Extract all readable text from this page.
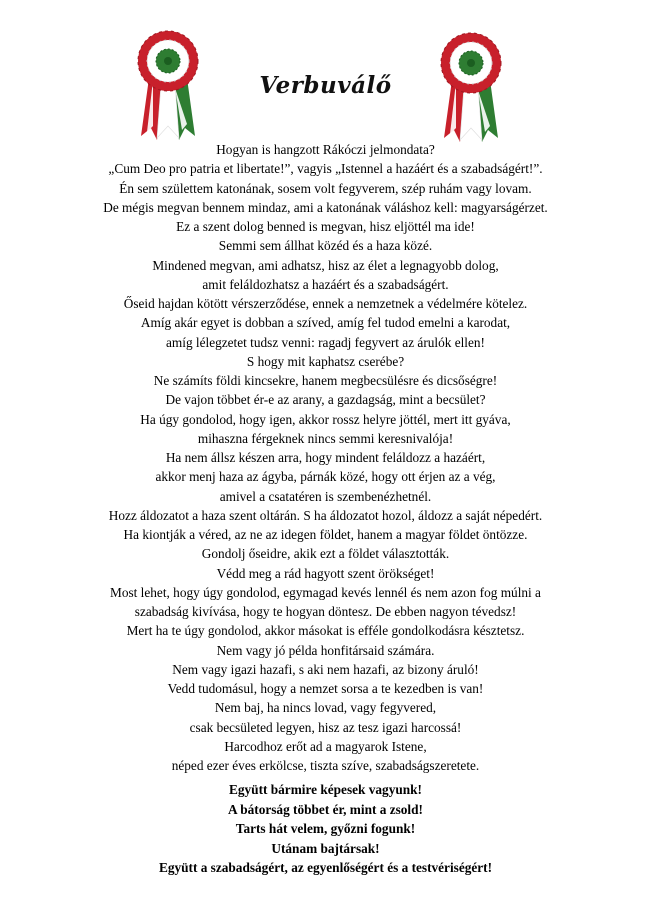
Verbuválő
Hogyan is hangzott Rákóczi jelmondata?
„Cum Deo pro patria et libertate!”, vagyis „Istennel a hazáért és a szabadságért!”.
Én sem születtem katonának, sosem volt fegyverem, szép ruhám vagy lovam.
De mégis megvan bennem mindaz, ami a katonának váláshoz kell: magyarságérzet.
Ez a szent dolog benned is megvan, hisz eljöttél ma ide!
Semmi sem állhat közéd és a haza közé.
Mindened megvan, ami adhatsz, hisz az élet a legnagyobb dolog,
amit feláldozhatsz a hazáért és a szabadságért.
Őseid hajdan kötött vérszerződése, ennek a nemzetnek a védelmére kötelez.
Amíg akár egyet is dobban a szíved, amíg fel tudod emelni a karodat,
amíg lélegzetet tudsz venni: ragadj fegyvert az árulók ellen!
S hogy mit kaphatsz cserébe?
Ne számíts földi kincsekre, hanem megbecsülésre és dicsőségre!
De vajon többet ér-e az arany, a gazdagság, mint a becsület?
Ha úgy gondolod, hogy igen, akkor rossz helyre jöttél, mert itt gyáva,
mihaszna férgeknek nincs semmi keresnivalója!
Ha nem állsz készen arra, hogy mindent feláldozz a hazáért,
akkor menj haza az ágyba, párnák közé, hogy ott érjen az a vég,
amivel a csatatéren is szembenézhetnél.
Hozz áldozatot a haza szent oltárán. S ha áldozatot hozol, áldozz a saját népedért.
Ha kiontják a véred, az ne az idegen földet, hanem a magyar földet öntözze.
Gondolj őseidre, akik ezt a földet választották.
Védd meg a rád hagyott szent örökséget!
Most lehet, hogy úgy gondolod, egymagad kevés lennél és nem azon fog múlni a
szabadság kivívása, hogy te hogyan döntesz. De ebben nagyon tévedsz!
Mert ha te úgy gondolod, akkor másokat is efféle gondolkodásra késztetsz.
Nem vagy jó példa honfitársaid számára.
Nem vagy igazi hazafi, s aki nem hazafi, az bizony áruló!
Vedd tudomásul, hogy a nemzet sorsa a te kezedben is van!
Nem baj, ha nincs lovad, vagy fegyvered,
csak becsületed legyen, hisz az tesz igazi harcossá!
Harcodhoz erőt ad a magyarok Istene,
néped ezer éves erkölcse, tiszta szíve, szabadságszeretete.
Együtt bármire képesek vagyunk!
A bátorság többet ér, mint a zsold!
Tarts hát velem, győzni fogunk!
Utánam bajtársak!
Együtt a szabadságért, az egyenlőségért és a testvériségért!
